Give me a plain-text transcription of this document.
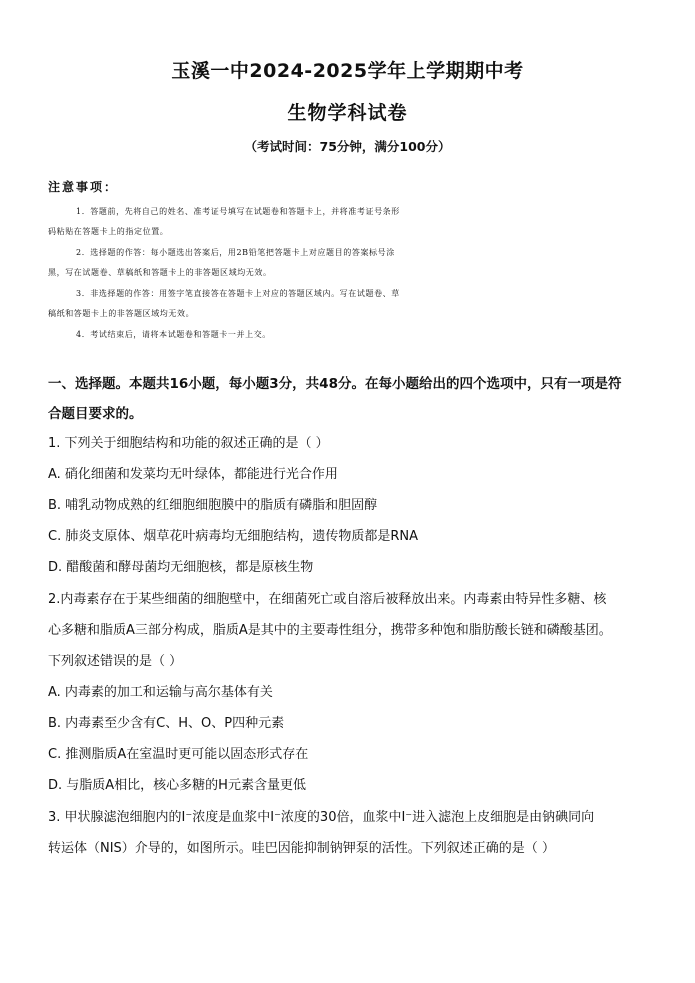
玉溪一中2024-2025学年上学期期中考
生物学科试卷
（考试时间：75分钟，满分100分）
注意事项：
1．答题前，先将自己的姓名、准考证号填写在试题卷和答题卡上，并将准考证号条形
码粘贴在答题卡上的指定位置。
2．选择题的作答：每小题选出答案后，用2B铅笔把答题卡上对应题目的答案标号涂
黑，写在试题卷、草稿纸和答题卡上的非答题区域均无效。
3．非选择题的作答：用签字笔直接答在答题卡上对应的答题区域内。写在试题卷、草
稿纸和答题卡上的非答题区域均无效。
4．考试结束后，请将本试题卷和答题卡一并上交。
一、选择题。本题共16小题，每小题3分，共48分。在每小题给出的四个选项中，只有一项是符
合题目要求的。
1. 下列关于细胞结构和功能的叙述正确的是（ ）
A. 硝化细菌和发菜均无叶绿体，都能进行光合作用
B. 哺乳动物成熟的红细胞细胞膜中的脂质有磷脂和胆固醇
C. 肺炎支原体、烟草花叶病毒均无细胞结构，遗传物质都是RNA
D. 醋酸菌和酵母菌均无细胞核，都是原核生物
2.内毒素存在于某些细菌的细胞壁中，在细菌死亡或自溶后被释放出来。内毒素由特异性多糖、核
心多糖和脂质A三部分构成，脂质A是其中的主要毒性组分，携带多种饱和脂肪酸长链和磷酸基团。
下列叙述错误的是（ ）
A. 内毒素的加工和运输与高尔基体有关
B. 内毒素至少含有C、H、O、P四种元素
C. 推测脂质A在室温时更可能以固态形式存在
D. 与脂质A相比，核心多糖的H元素含量更低
3. 甲状腺滤泡细胞内的I⁻浓度是血浆中I⁻浓度的30倍，血浆中I⁻进入滤泡上皮细胞是由钠碘同向
转运体（NIS）介导的，如图所示。哇巴因能抑制钠钾泵的活性。下列叙述正确的是（ ）
